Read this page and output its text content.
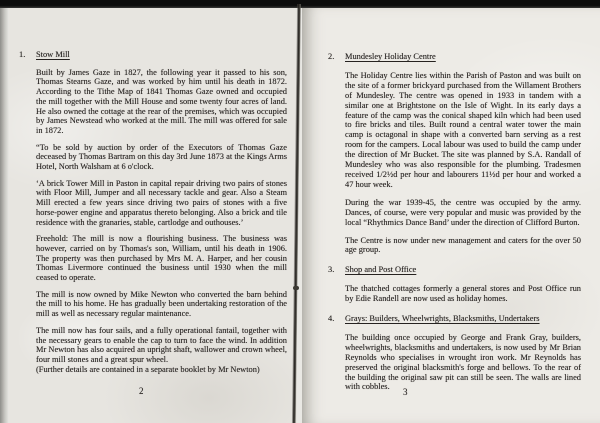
1.	Stow Mill

Built by James Gaze in 1827, the following year it passed to his son, Thomas Stearns Gaze, and was worked by him until his death in 1872. According to the Tithe Map of 1841 Thomas Gaze owned and occupied the mill together with the Mill House and some twenty four acres of land. He also owned the cottage at the rear of the premises, which was occupied by James Newstead who worked at the mill. The mill was offered for sale in 1872.

“To be sold by auction by order of the Executors of Thomas Gaze deceased by Thomas Bartram on this day 3rd June 1873 at the Kings Arms Hotel, North Walsham at 6 o'clock.

‘A brick Tower Mill in Paston in capital repair driving two pairs of stones with Floor Mill, Jumper and all necessary tackle and gear. Also a Steam Mill erected a few years since driving two pairs of stones with a five horse-power engine and apparatus thereto belonging. Also a brick and tile residence with the granaries, stable, cartlodge and outhouses.’

Freehold: The mill is now a flourishing business. The business was however, carried on by Thomas's son, William, until his death in 1906. The property was then purchased by Mrs M. A. Harper, and her cousin Thomas Livermore continued the business until 1930 when the mill ceased to operate.

The mill is now owned by Mike Newton who converted the barn behind the mill to his home. He has gradually been undertaking restoration of the mill as well as necessary regular maintenance.

The mill now has four sails, and a fully operational fantail, together with the necessary gears to enable the cap to turn to face the wind. In addition Mr Newton has also acquired an upright shaft, wallower and crown wheel, four mill stones and a great spur wheel.

(Further details are contained in a separate booklet by Mr Newton)

2
2.	Mundesley Holiday Centre

The Holiday Centre lies within the Parish of Paston and was built on the site of a former brickyard purchased from the Willament Brothers of Mundesley. The centre was opened in 1933 in tandem with a similar one at Brightstone on the Isle of Wight. In its early days a feature of the camp was the conical shaped kiln which had been used to fire bricks and tiles. Built round a central water tower the main camp is octagonal in shape with a converted barn serving as a rest room for the campers. Local labour was used to build the camp under the direction of Mr Bucket. The site was planned by S.A. Randall of Mundesley who was also responsible for the plumbing. Tradesmen received 1/2½d per hour and labourers 11½d per hour and worked a 47 hour week.

During the war 1939-45, the centre was occupied by the army. Dances, of course, were very popular and music was provided by the local “Rhythmics Dance Band’ under the direction of Clifford Burton.

The Centre is now under new management and caters for the over 50 age group.

3.	Shop and Post Office

The thatched cottages formerly a general stores and Post Office run by Edie Randell are now used as holiday homes.

4.	Grays: Builders, Wheelwrights, Blacksmiths, Undertakers

The building once occupied by George and Frank Gray, builders, wheelwrights, blacksmiths and undertakers, is now used by Mr Brian Reynolds who specialises in wrought iron work. Mr Reynolds has preserved the original blacksmith's forge and bellows. To the rear of the building the original saw pit can still be seen. The walls are lined with cobbles.

3
